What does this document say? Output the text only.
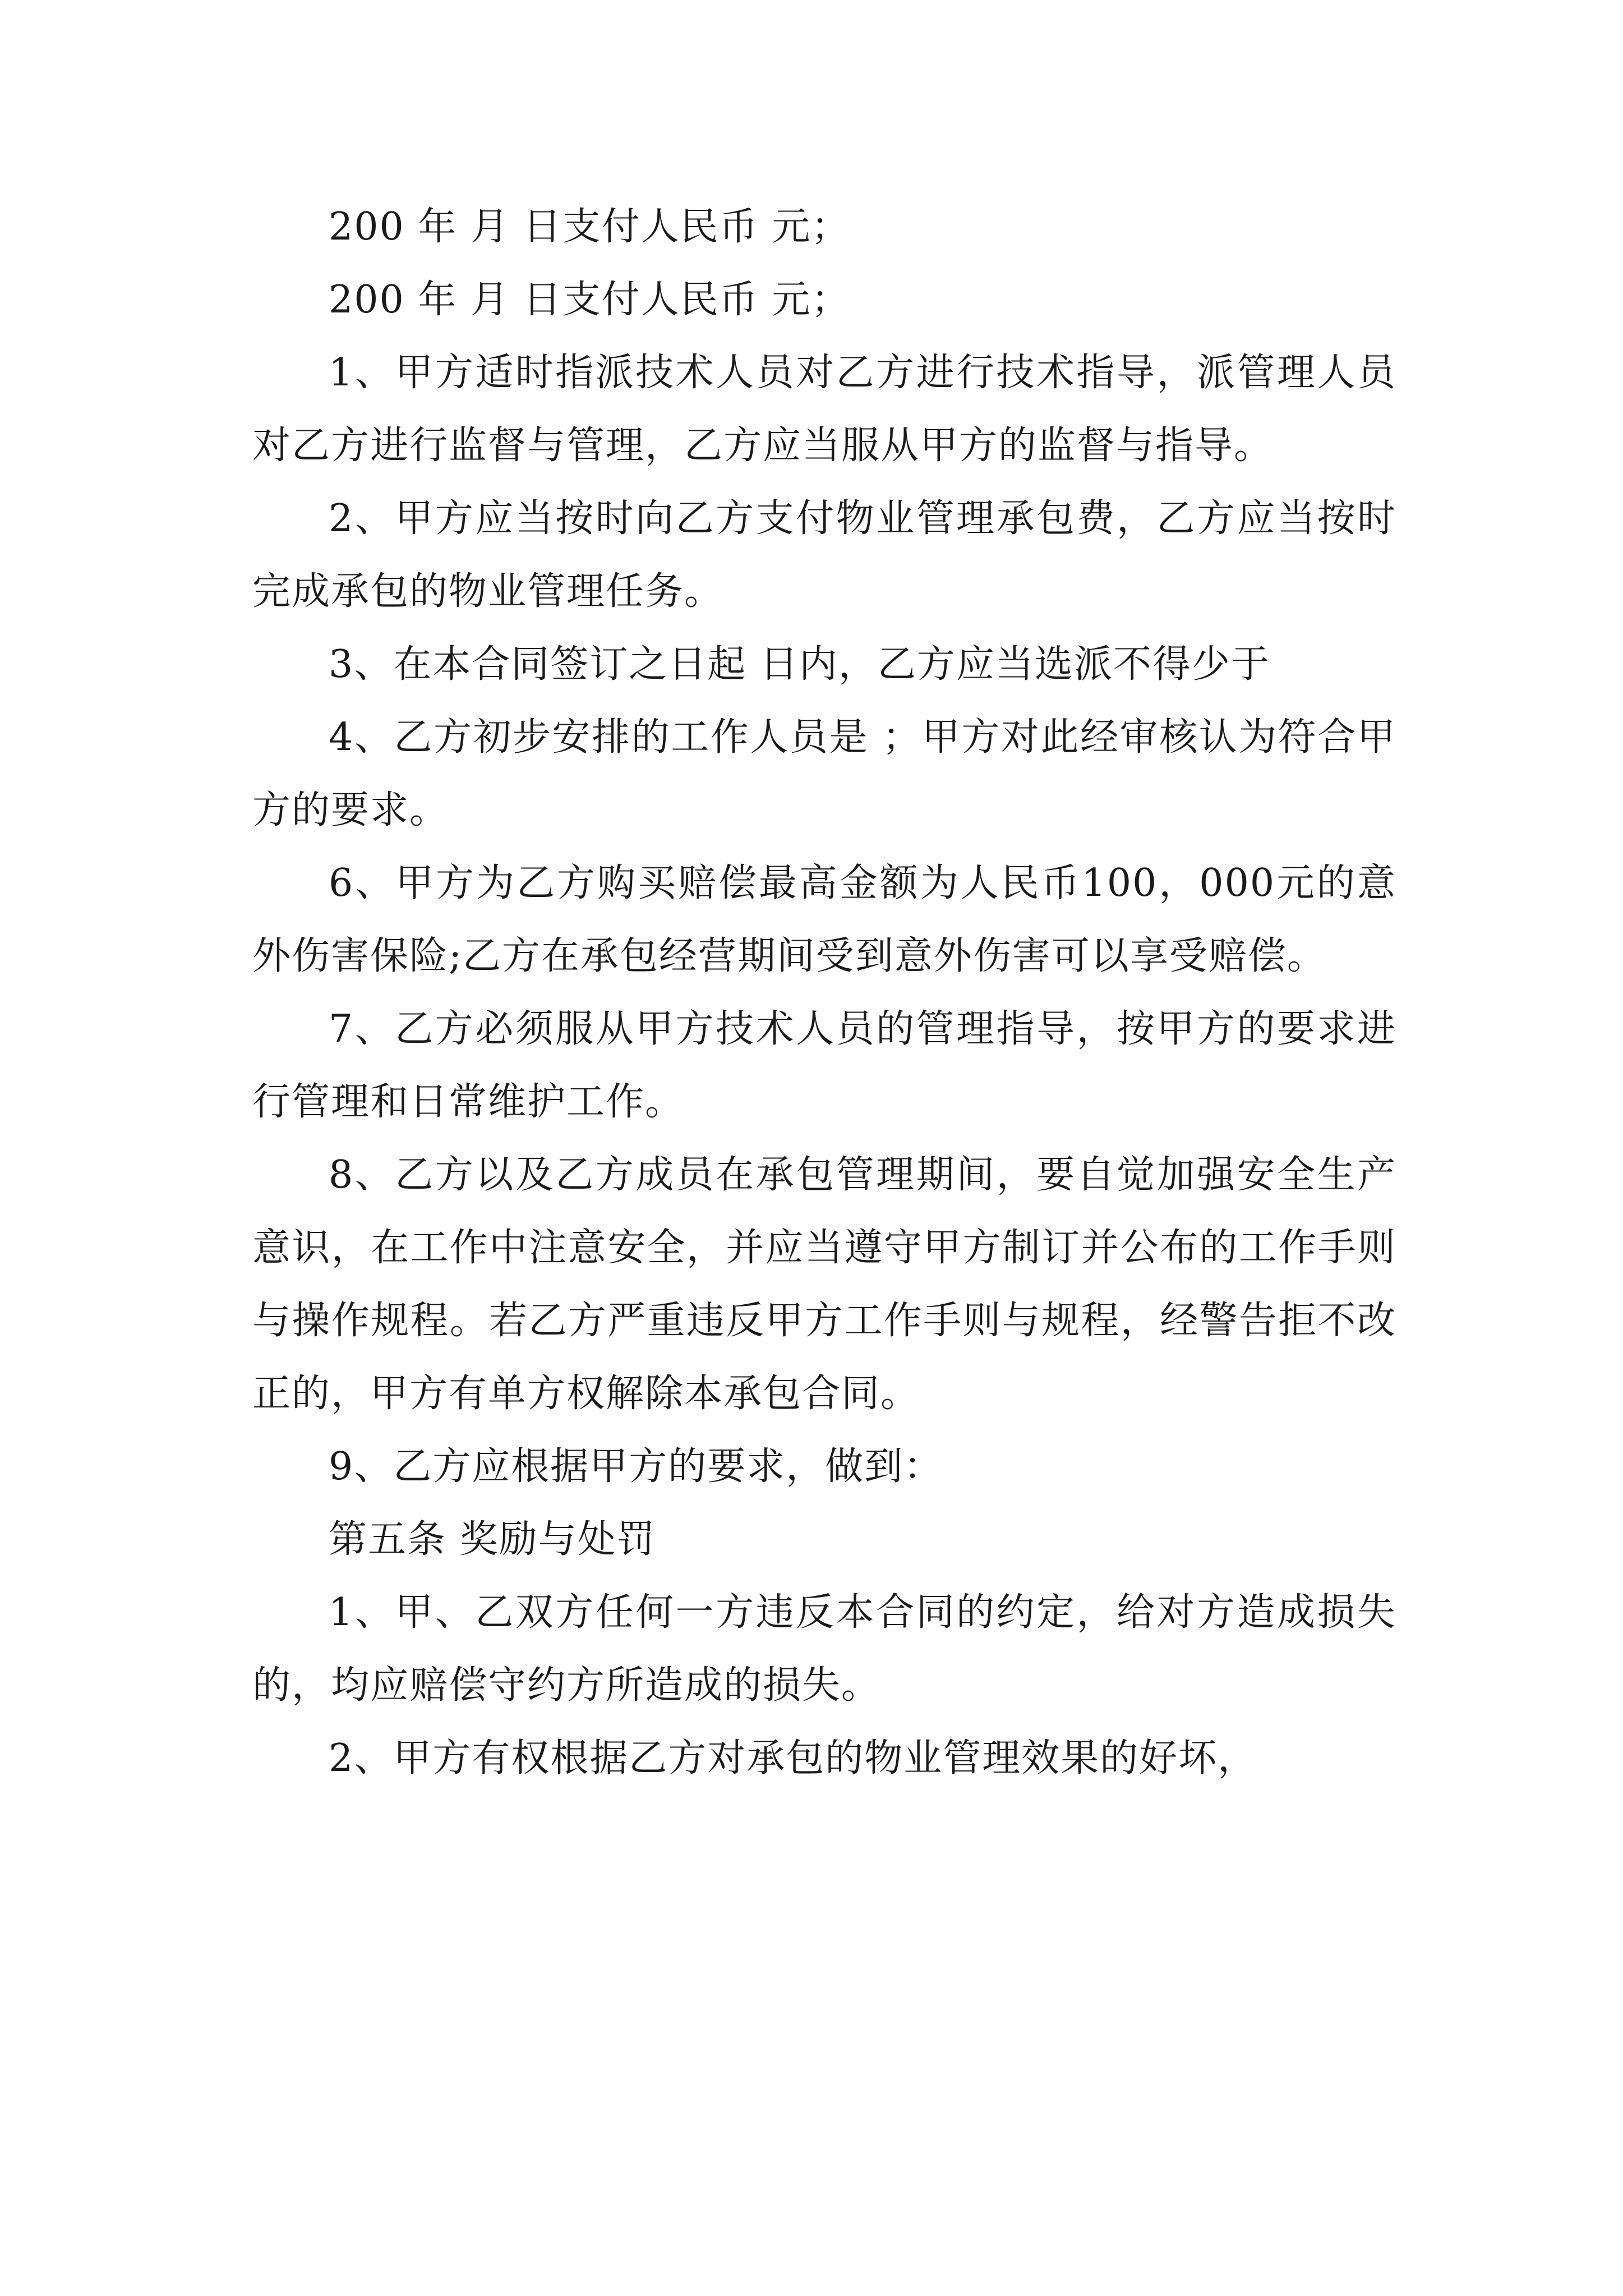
200 年 月 日支付人民币 元；

200 年 月 日支付人民币 元；

1、甲方适时指派技术人员对乙方进行技术指导，派管理人员对乙方进行监督与管理，乙方应当服从甲方的监督与指导。

2、甲方应当按时向乙方支付物业管理承包费，乙方应当按时完成承包的物业管理任务。

3、在本合同签订之日起 日内，乙方应当选派不得少于

4、乙方初步安排的工作人员是 ；甲方对此经审核认为符合甲方的要求。

6、甲方为乙方购买赔偿最高金额为人民币100，000元的意外伤害保险;乙方在承包经营期间受到意外伤害可以享受赔偿。

7、乙方必须服从甲方技术人员的管理指导，按甲方的要求进行管理和日常维护工作。

8、乙方以及乙方成员在承包管理期间，要自觉加强安全生产意识，在工作中注意安全，并应当遵守甲方制订并公布的工作手则与操作规程。若乙方严重违反甲方工作手则与规程，经警告拒不改正的，甲方有单方权解除本承包合同。

9、乙方应根据甲方的要求，做到：

第五条 奖励与处罚

1、甲、乙双方任何一方违反本合同的约定，给对方造成损失的，均应赔偿守约方所造成的损失。

2、甲方有权根据乙方对承包的物业管理效果的好坏，
